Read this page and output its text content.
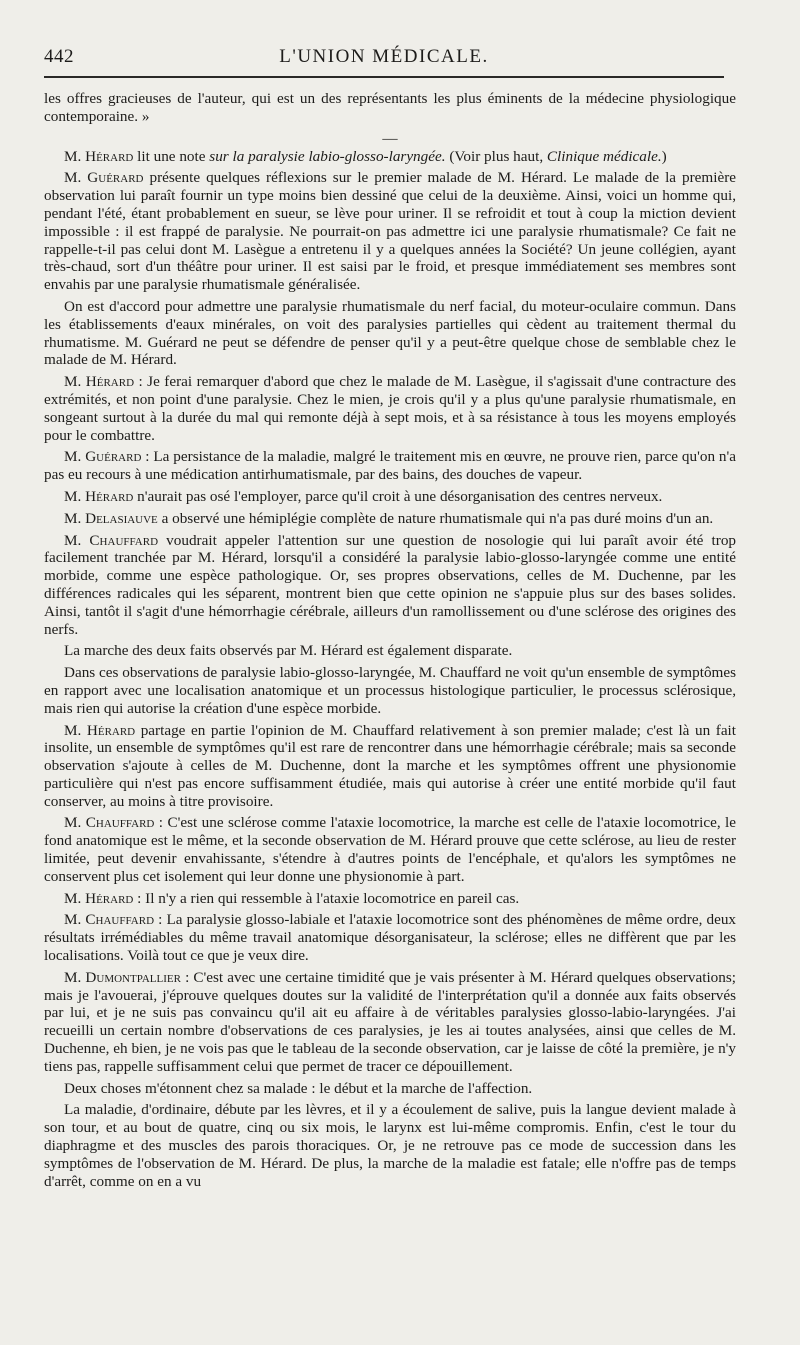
442	L'UNION MÉDICALE.

les offres gracieuses de l'auteur, qui est un des représentants les plus éminents de la médecine physiologique contemporaine. »

—

M. Hérard lit une note sur la paralysie labio-glosso-laryngée. (Voir plus haut, Clinique médicale.)

M. Guérard présente quelques réflexions sur le premier malade de M. Hérard. Le malade de la première observation lui paraît fournir un type moins bien dessiné que celui de la deuxième. Ainsi, voici un homme qui, pendant l'été, étant probablement en sueur, se lève pour uriner. Il se refroidit et tout à coup la miction devient impossible : il est frappé de paralysie. Ne pourrait-on pas admettre ici une paralysie rhumatismale? Ce fait ne rappelle-t-il pas celui dont M. Lasègue a entretenu il y a quelques années la Société? Un jeune collégien, ayant très-chaud, sort d'un théâtre pour uriner. Il est saisi par le froid, et presque immédiatement ses membres sont envahis par une paralysie rhumatismale généralisée.

On est d'accord pour admettre une paralysie rhumatismale du nerf facial, du moteur-oculaire commun. Dans les établissements d'eaux minérales, on voit des paralysies partielles qui cèdent au traitement thermal du rhumatisme. M. Guérard ne peut se défendre de penser qu'il y a peut-être quelque chose de semblable chez le malade de M. Hérard.

M. Hérard : Je ferai remarquer d'abord que chez le malade de M. Lasègue, il s'agissait d'une contracture des extrémités, et non point d'une paralysie. Chez le mien, je crois qu'il y a plus qu'une paralysie rhumatismale, en songeant surtout à la durée du mal qui remonte déjà à sept mois, et à sa résistance à tous les moyens employés pour le combattre.

M. Guérard : La persistance de la maladie, malgré le traitement mis en œuvre, ne prouve rien, parce qu'on n'a pas eu recours à une médication antirhumatismale, par des bains, des douches de vapeur.

M. Hérard n'aurait pas osé l'employer, parce qu'il croit à une désorganisation des centres nerveux.

M. Delasiauve a observé une hémiplégie complète de nature rhumatismale qui n'a pas duré moins d'un an.

M. Chauffard voudrait appeler l'attention sur une question de nosologie qui lui paraît avoir été trop facilement tranchée par M. Hérard, lorsqu'il a considéré la paralysie labio-glosso-laryngée comme une entité morbide, comme une espèce pathologique. Or, ses propres observations, celles de M. Duchenne, par les différences radicales qui les séparent, montrent bien que cette opinion ne s'appuie plus sur des bases solides. Ainsi, tantôt il s'agit d'une hémorrhagie cérébrale, ailleurs d'un ramollissement ou d'une sclérose des origines des nerfs.

La marche des deux faits observés par M. Hérard est également disparate.

Dans ces observations de paralysie labio-glosso-laryngée, M. Chauffard ne voit qu'un ensemble de symptômes en rapport avec une localisation anatomique et un processus histologique particulier, le processus sclérosique, mais rien qui autorise la création d'une espèce morbide.

M. Hérard partage en partie l'opinion de M. Chauffard relativement à son premier malade; c'est là un fait insolite, un ensemble de symptômes qu'il est rare de rencontrer dans une hémorrhagie cérébrale; mais sa seconde observation s'ajoute à celles de M. Duchenne, dont la marche et les symptômes offrent une physionomie particulière qui n'est pas encore suffisamment étudiée, mais qui autorise à créer une entité morbide qu'il faut conserver, au moins à titre provisoire.

M. Chauffard : C'est une sclérose comme l'ataxie locomotrice, la marche est celle de l'ataxie locomotrice, le fond anatomique est le même, et la seconde observation de M. Hérard prouve que cette sclérose, au lieu de rester limitée, peut devenir envahissante, s'étendre à d'autres points de l'encéphale, et qu'alors les symptômes ne conservent plus cet isolement qui leur donne une physionomie à part.

M. Hérard : Il n'y a rien qui ressemble à l'ataxie locomotrice en pareil cas.

M. Chauffard : La paralysie glosso-labiale et l'ataxie locomotrice sont des phénomènes de même ordre, deux résultats irrémédiables du même travail anatomique désorganisateur, la sclérose; elles ne diffèrent que par les localisations. Voilà tout ce que je veux dire.

M. Dumontpallier : C'est avec une certaine timidité que je vais présenter à M. Hérard quelques observations; mais je l'avouerai, j'éprouve quelques doutes sur la validité de l'interprétation qu'il a donnée aux faits observés par lui, et je ne suis pas convaincu qu'il ait eu affaire à de véritables paralysies glosso-labio-laryngées. J'ai recueilli un certain nombre d'observations de ces paralysies, je les ai toutes analysées, ainsi que celles de M. Duchenne, eh bien, je ne vois pas que le tableau de la seconde observation, car je laisse de côté la première, je n'y tiens pas, rappelle suffisamment celui que permet de tracer ce dépouillement.

Deux choses m'étonnent chez sa malade : le début et la marche de l'affection.

La maladie, d'ordinaire, débute par les lèvres, et il y a écoulement de salive, puis la langue devient malade à son tour, et au bout de quatre, cinq ou six mois, le larynx est lui-même compromis. Enfin, c'est le tour du diaphragme et des muscles des parois thoraciques. Or, je ne retrouve pas ce mode de succession dans les symptômes de l'observation de M. Hérard. De plus, la marche de la maladie est fatale; elle n'offre pas de temps d'arrêt, comme on en a vu
